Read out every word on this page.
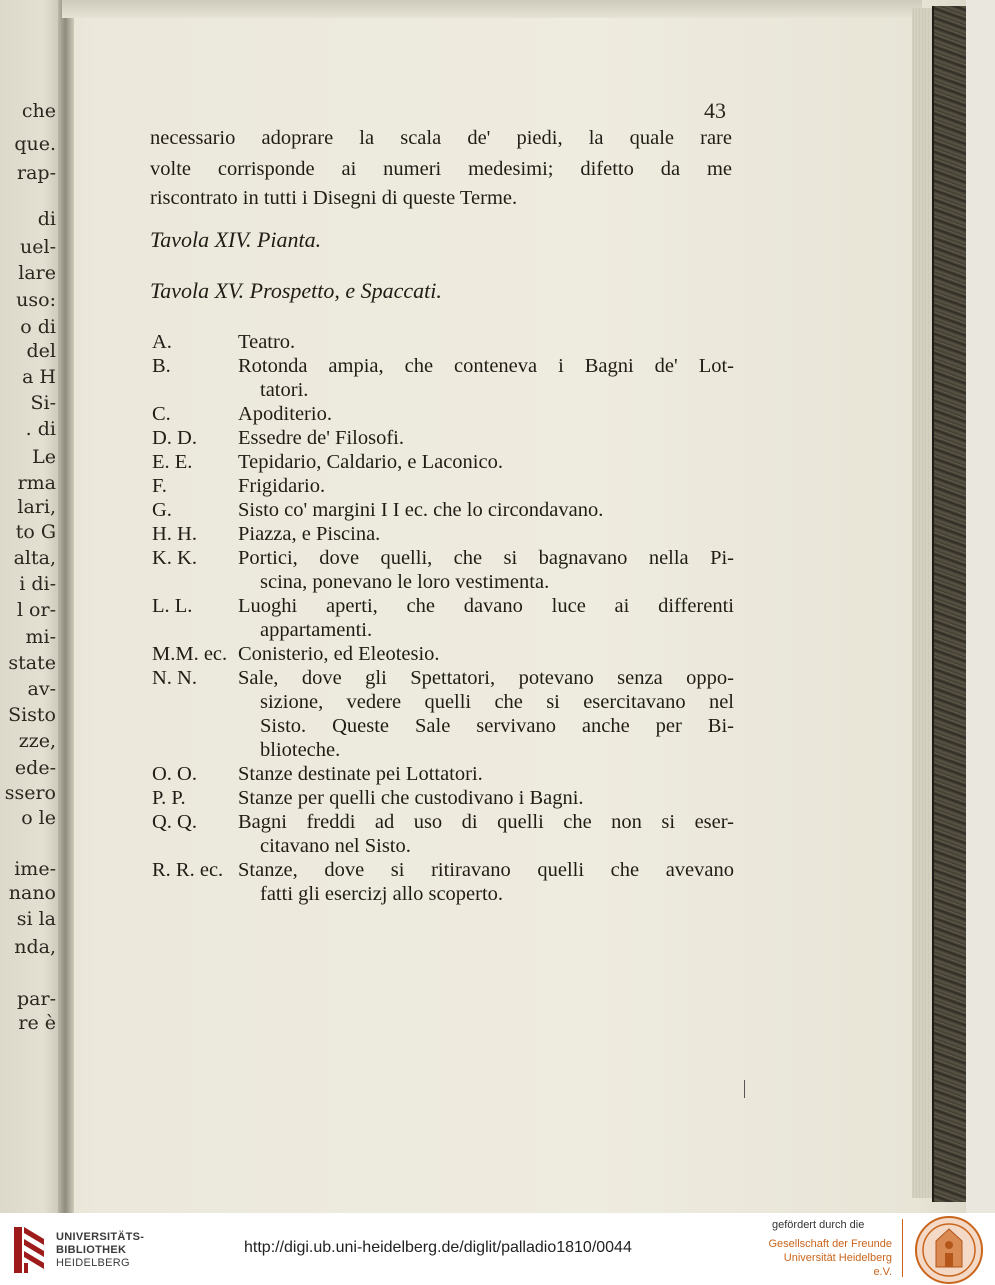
che
que.
rap-
di
uel-
lare
uso:
o di
del
a H
Si-
. di
Le
rma
lari,
to G
alta,
i di-
l or-
mi-
state
av-
Sisto
zze,
ede-
ssero
o le
ime-
nano
si la
nda,
par-
re è
43
necessario adoprare la scala de' piedi, la quale rare
volte corrisponde ai numeri medesimi; difetto da me
riscontrato in tutti i Disegni di queste Terme.
Tavola XIV. Pianta.
Tavola XV. Prospetto, e Spaccati.
A.	Teatro.
B.	Rotonda ampia, che conteneva i Bagni de' Lot-
tatori.
C.	Apoditerio.
D. D. Essedre de' Filosofi.
E. E. Tepidario, Caldario, e Laconico.
F.	Frigidario.
G.	Sisto co' margini I I ec. che lo circondavano.
H. H. Piazza, e Piscina.
K. K. Portici, dove quelli, che si bagnavano nella Pi-
scina, ponevano le loro vestimenta.
L. L. Luoghi aperti, che davano luce ai differenti
appartamenti.
M.M. ec. Conisterio, ed Eleotesio.
N. N. Sale, dove gli Spettatori, potevano senza oppo-
sizione, vedere quelli che si esercitavano nel
Sisto. Queste Sale servivano anche per Bi-
blioteche.
O. O. Stanze destinate pei Lottatori.
P. P.	Stanze per quelli che custodivano i Bagni.
Q. Q. Bagni freddi ad uso di quelli che non si eser-
citavano nel Sisto.
R. R. ec. Stanze, dove si ritiravano quelli che avevano
fatti gli esercizj allo scoperto.
UNIVERSITÄTS-
BIBLIOTHEK
HEIDELBERG
http://digi.ub.uni-heidelberg.de/diglit/palladio1810/0044
gefördert durch die
Gesellschaft der Freunde
Universität Heidelberg e.V.
